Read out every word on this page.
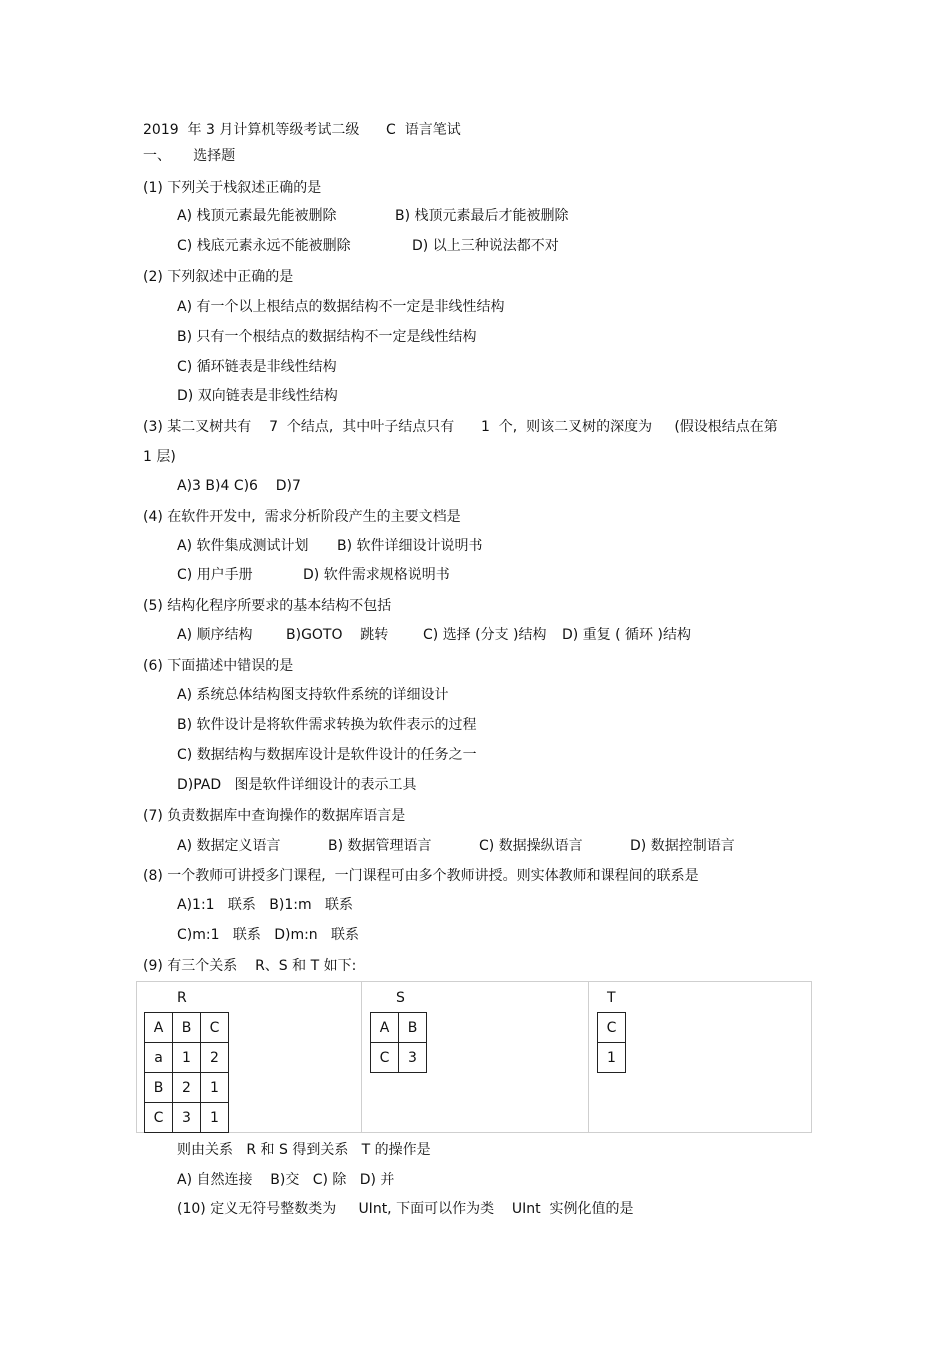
2019  年 3 月计算机等级考试二级      C  语言笔试
一、     选择题
(1) 下列关于栈叙述正确的是
A) 栈顶元素最先能被删除	B) 栈顶元素最后才能被删除
C) 栈底元素永远不能被删除	D) 以上三种说法都不对
(2) 下列叙述中正确的是
A) 有一个以上根结点的数据结构不一定是非线性结构
B) 只有一个根结点的数据结构不一定是线性结构
C) 循环链表是非线性结构
D) 双向链表是非线性结构
(3) 某二叉树共有    7  个结点,  其中叶子结点只有      1  个,  则该二叉树的深度为     (假设根结点在第
1 层)
A)3 B)4 C)6    D)7
(4) 在软件开发中,  需求分析阶段产生的主要文档是
A) 软件集成测试计划 B) 软件详细设计说明书
C) 用户手册	D) 软件需求规格说明书
(5) 结构化程序所要求的基本结构不包括
A) 顺序结构 B)GOTO    跳转 C) 选择 (分支 )结构 D) 重复 ( 循环 )结构
(6) 下面描述中错误的是
A) 系统总体结构图支持软件系统的详细设计
B) 软件设计是将软件需求转换为软件表示的过程
C) 数据结构与数据库设计是软件设计的任务之一
D)PAD   图是软件详细设计的表示工具
(7) 负责数据库中查询操作的数据库语言是
A) 数据定义语言	B) 数据管理语言	C) 数据操纵语言	D) 数据控制语言
(8) 一个教师可讲授多门课程,  一门课程可由多个教师讲授。则实体教师和课程间的联系是
A)1:1   联系   B)1:m   联系
C)m:1   联系   D)m:n   联系
(9) 有三个关系    R、S 和 T 如下:
R
A	B	C
a	1	2
B	2	1
C	3	1
S
A	B
C	3
T
C
1
则由关系   R 和 S 得到关系   T 的操作是
A) 自然连接    B)交   C) 除   D) 并
(10) 定义无符号整数类为     UInt, 下面可以作为类    UInt  实例化值的是
